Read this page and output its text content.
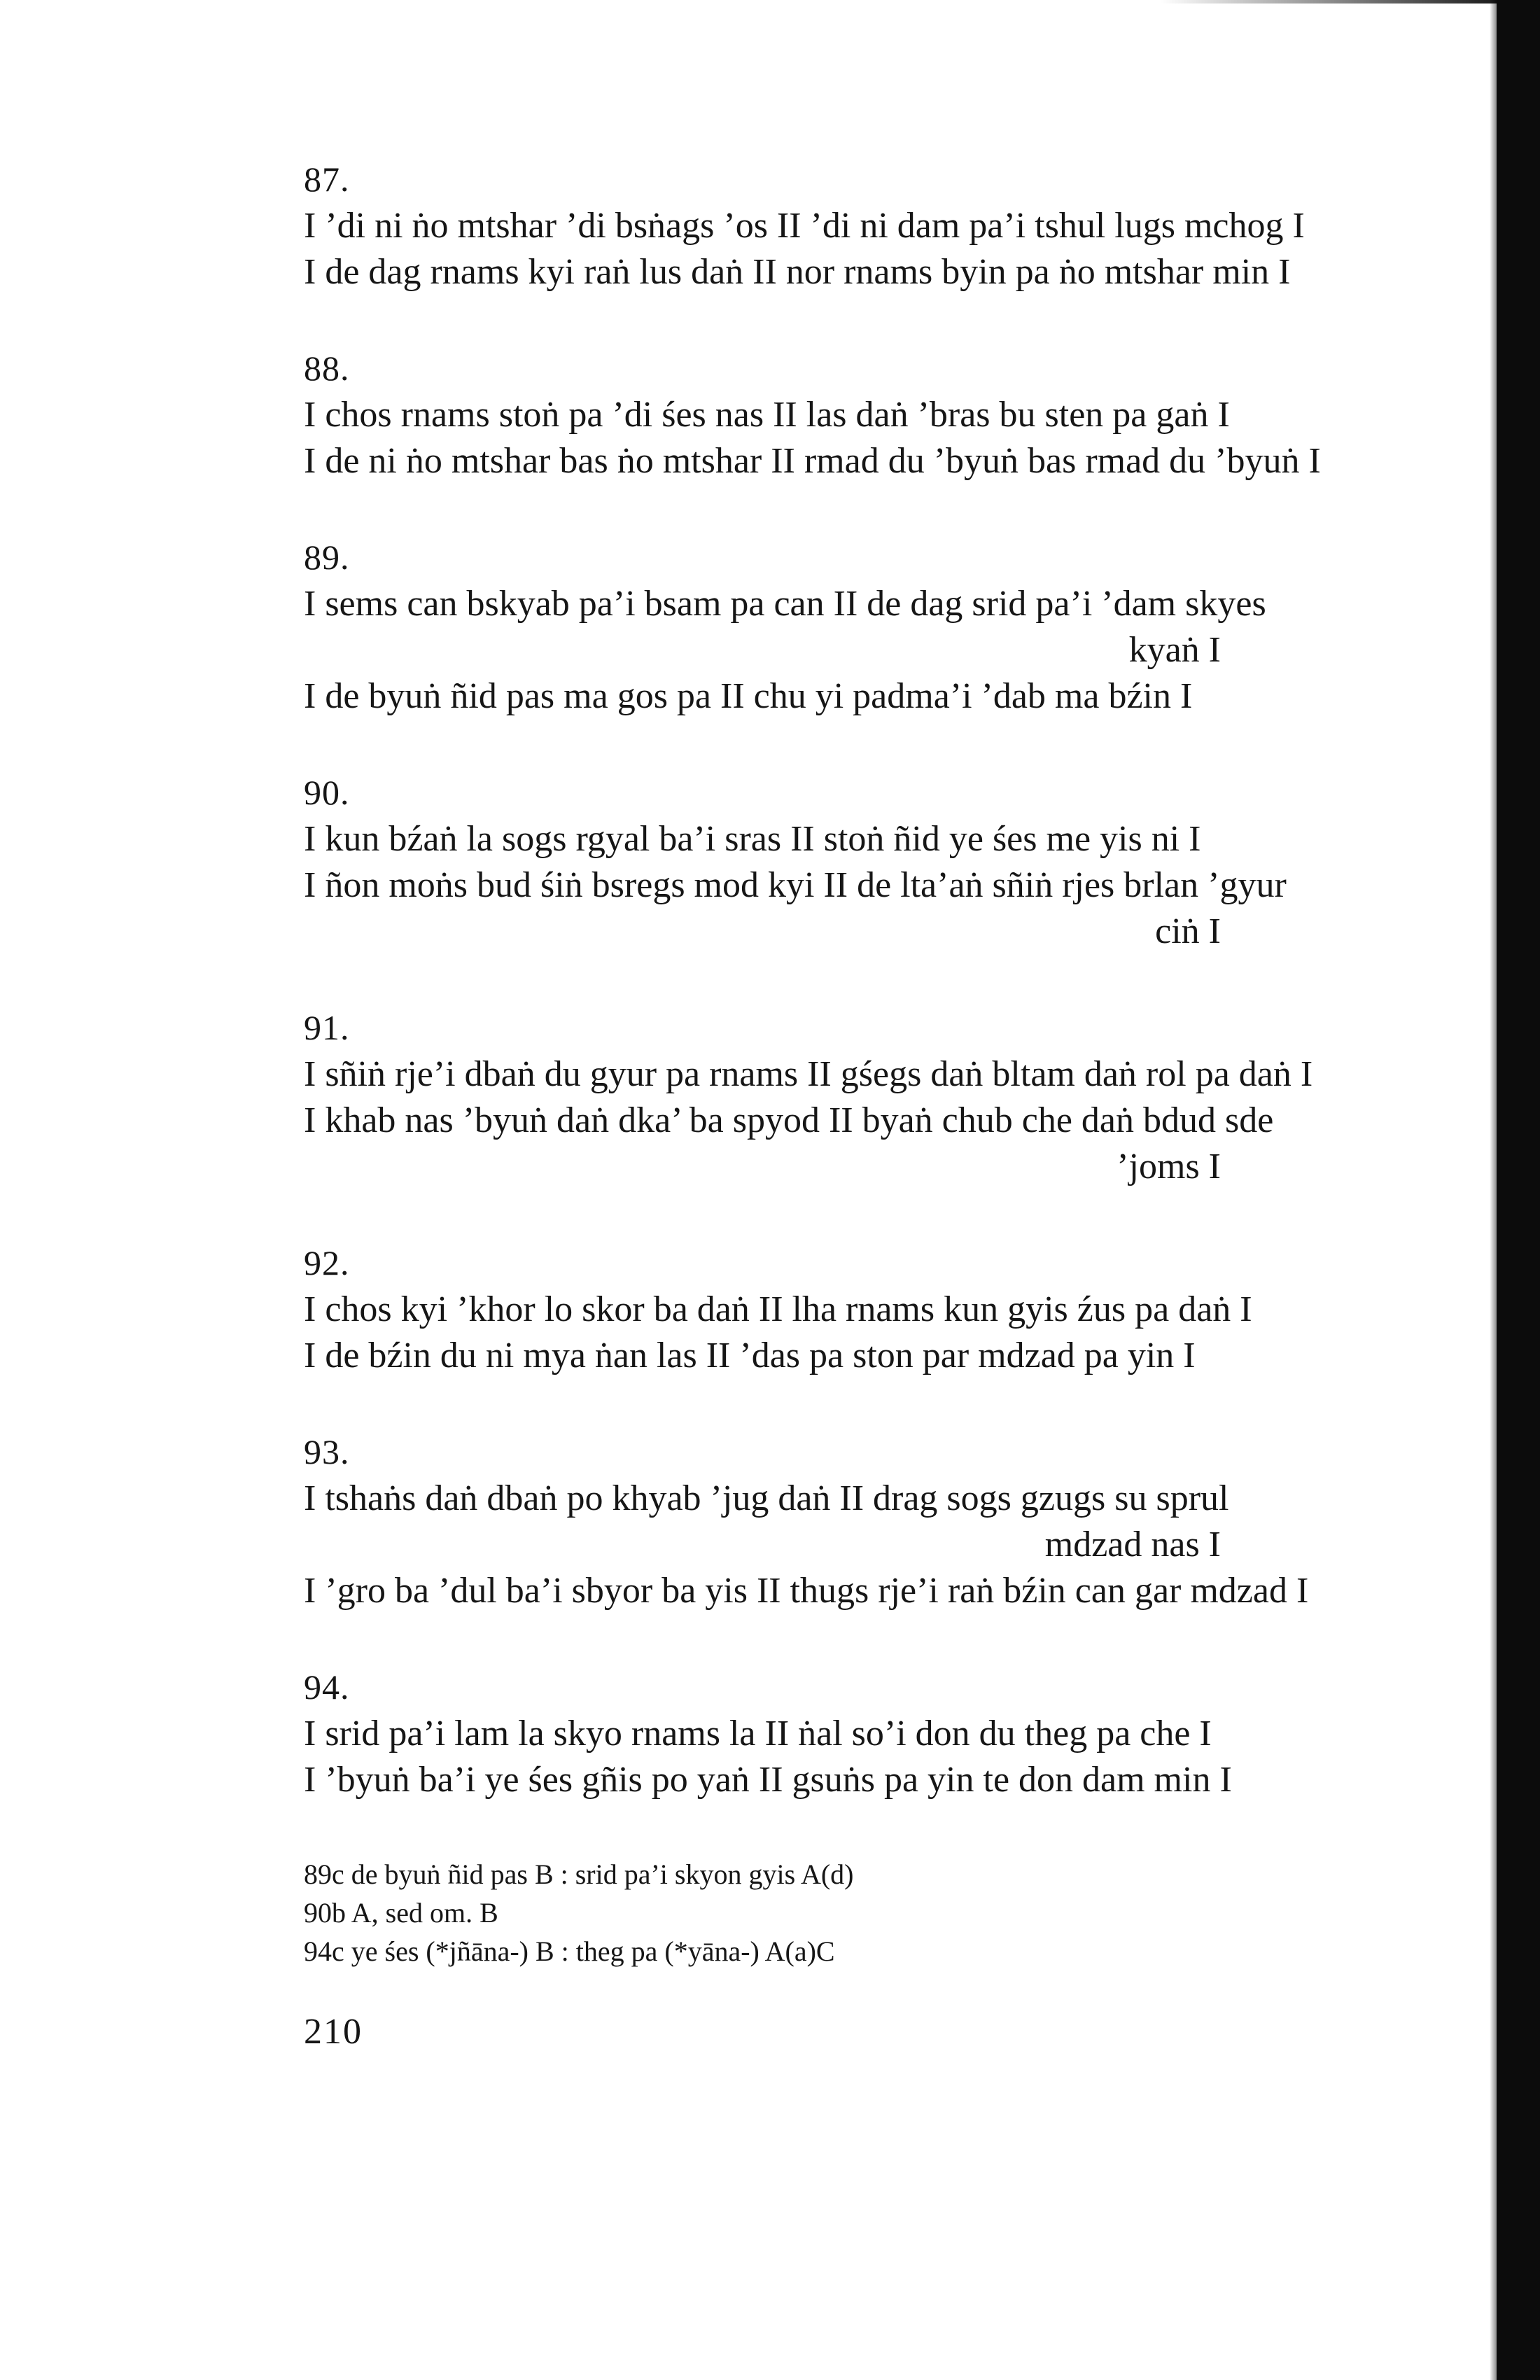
87.
I ’di ni ṅo mtshar ’di bsṅags ’os II ’di ni dam pa’i tshul lugs mchog I
I de dag rnams kyi raṅ lus daṅ II nor rnams byin pa ṅo mtshar min I
88.
I chos rnams stoṅ pa ’di śes nas II las daṅ ’bras bu sten pa gaṅ I
I de ni ṅo mtshar bas ṅo mtshar II rmad du ’byuṅ bas rmad du ’byuṅ I
89.
I sems can bskyab pa’i bsam pa can II de dag srid pa’i ’dam skyes
kyaṅ I
I de byuṅ ñid pas ma gos pa II chu yi padma’i ’dab ma bźin I
90.
I kun bźaṅ la sogs rgyal ba’i sras II stoṅ ñid ye śes me yis ni I
I ñon moṅs bud śiṅ bsregs mod kyi II de lta’aṅ sñiṅ rjes brlan ’gyur
ciṅ I
91.
I sñiṅ rje’i dbaṅ du gyur pa rnams II gśegs daṅ bltam daṅ rol pa daṅ I
I khab nas ’byuṅ daṅ dka’ ba spyod II byaṅ chub che daṅ bdud sde
’joms I
92.
I chos kyi ’khor lo skor ba daṅ II lha rnams kun gyis źus pa daṅ I
I de bźin du ni mya ṅan las II ’das pa ston par mdzad pa yin I
93.
I tshaṅs daṅ dbaṅ po khyab ’jug daṅ II drag sogs gzugs su sprul
mdzad nas I
I ’gro ba ’dul ba’i sbyor ba yis II thugs rje’i raṅ bźin can gar mdzad I
94.
I srid pa’i lam la skyo rnams la II ṅal so’i don du theg pa che I
I ’byuṅ ba’i ye śes gñis po yaṅ II gsuṅs pa yin te don dam min I
89c de byuṅ ñid pas B : srid pa’i skyon gyis A(d)
90b A, sed om. B
94c ye śes (*jñāna-) B : theg pa (*yāna-) A(a)C
210
